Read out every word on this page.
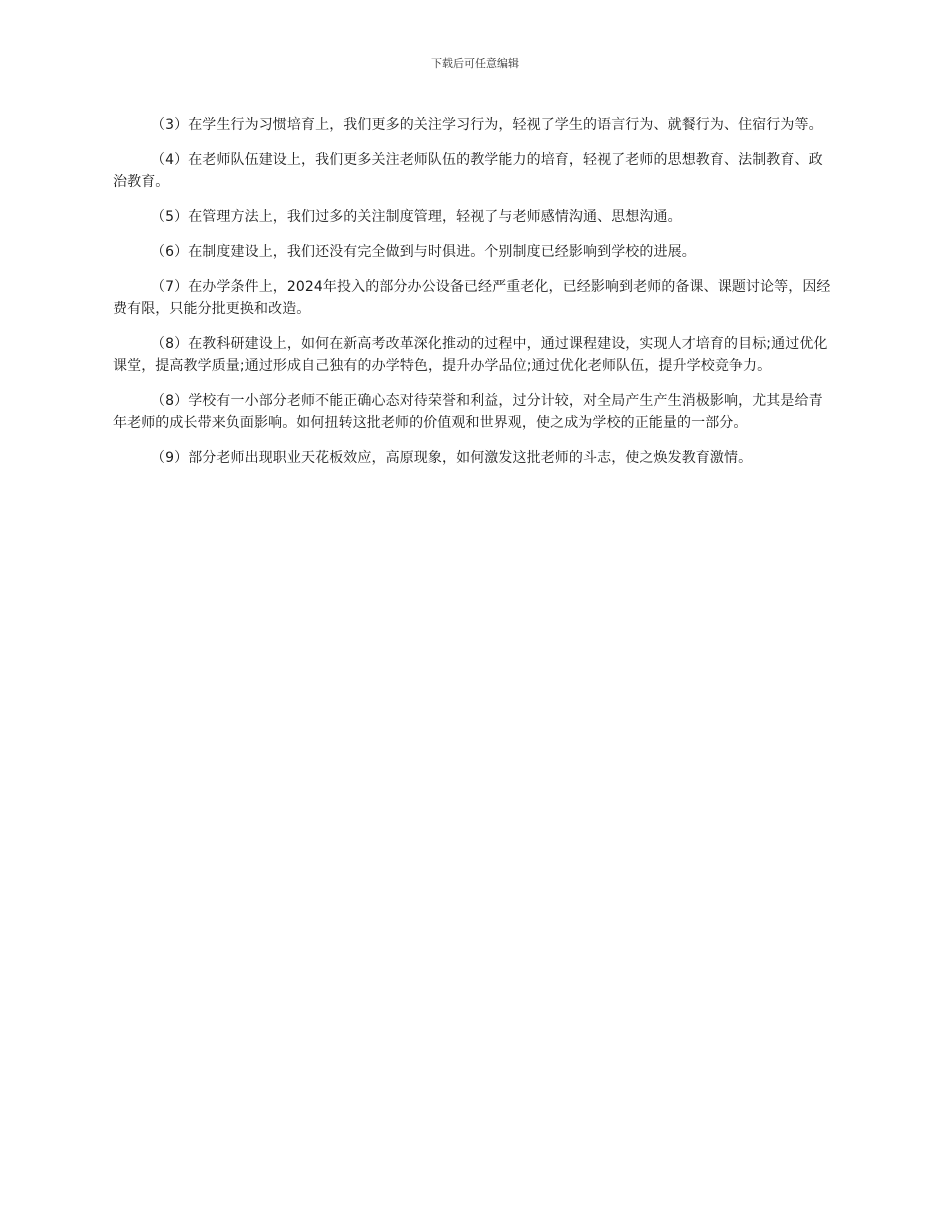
下载后可任意编辑

（3）在学生行为习惯培育上，我们更多的关注学习行为，轻视了学生的语言行为、就餐行为、住宿行为等。

（4）在老师队伍建设上，我们更多关注老师队伍的教学能力的培育，轻视了老师的思想教育、法制教育、政治教育。

（5）在管理方法上，我们过多的关注制度管理，轻视了与老师感情沟通、思想沟通。

（6）在制度建设上，我们还没有完全做到与时俱进。个别制度已经影响到学校的进展。

（7）在办学条件上，2024年投入的部分办公设备已经严重老化，已经影响到老师的备课、课题讨论等，因经费有限，只能分批更换和改造。

（8）在教科研建设上，如何在新高考改革深化推动的过程中，通过课程建设，实现人才培育的目标;通过优化课堂，提高教学质量;通过形成自己独有的办学特色，提升办学品位;通过优化老师队伍，提升学校竞争力。

（8）学校有一小部分老师不能正确心态对待荣誉和利益，过分计较，对全局产生产生消极影响，尤其是给青年老师的成长带来负面影响。如何扭转这批老师的价值观和世界观，使之成为学校的正能量的一部分。

（9）部分老师出现职业天花板效应，高原现象，如何激发这批老师的斗志，使之焕发教育激情。
